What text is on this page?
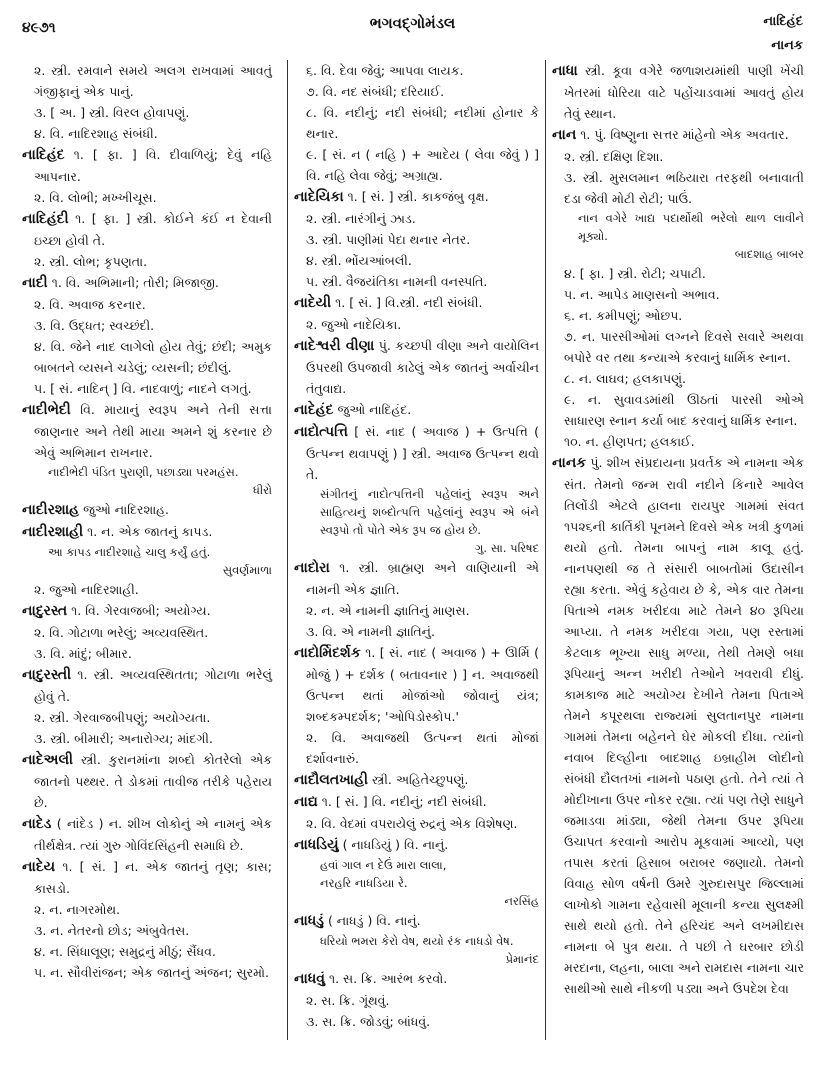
૪૯૭૧	ભગવદ્ગોમંડલ	નાદિહંદ
નાનક

૨. સ્ત્રી. રમવાને સમયે અલગ રાખવામાં આવતું ગંજીફાનું એક પાનું.

૩. [ અ. ] સ્ત્રી. વિરલ હોવાપણું.

૪. વિ. નાદિરશાહ સંબંધી.

નાદિહંદ ૧. [ ફા. ] વિ. દીવાળિયું; દેવું નહિ આપનાર.

૨. વિ. લોભી; મખ્ખીચૂસ.

નાદિહંદી ૧. [ ફા. ] સ્ત્રી. કોઈને કંઈ ન દેવાની ઇચ્છા હોવી તે.

૨. સ્ત્રી. લોભ; કૃપણતા.

નાદી ૧. વિ. અભિમાની; તોરી; મિજાજી.

૨. વિ. અવાજ કરનાર.

૩. વિ. ઉદ્ધત; સ્વચ્છંદી.

૪. વિ. જેને નાદ લાગેલો હોય તેવું; છંદી; અમુક બાબતને વ્યસને ચડેલું; વ્યસની; છંદીલું.

૫. [ સં. નાદિન્ ] વિ. નાદવાળું; નાદને લગતું.

નાદીભેદી વિ. માયાનું સ્વરૂપ અને તેની સત્તા જાણનાર અને તેથી માયા અમને શું કરનાર છે એવું અભિમાન રાખનાર.

નાદીભેદી પંડિત પુરાણી, પછાડ્યા પરમહંસ.

ધીરો

નાદીરશાહ જુઓ નાદિરશાહ.

નાદીરશાહી ૧. ન. એક જાતનું કાપડ.

આ કાપડ નાદીરશાહે ચાલુ કર્યું હતું.

સુવર્ણમાળા

૨. જુઓ નાદિરશાહી.

નાદુરસ્ત ૧. વિ. ગેરવાજબી; અયોગ્ય.

૨. વિ. ગોટાળા ભરેલું; અવ્યવસ્થિત.

૩. વિ. માંદું; બીમાર.

નાદુરસ્તી ૧. સ્ત્રી. અવ્યવસ્થિતતા; ગોટાળા ભરેલું હોવું તે.

૨. સ્ત્રી. ગેરવાજબીપણું; અયોગ્યતા.

૩. સ્ત્રી. બીમારી; અનારોગ્ય; માંદગી.

નાદેઅલી સ્ત્રી. કુરાનમાંના શબ્દો કોતરેલો એક જાતનો પથ્થર. તે ડોકમાં તાવીજ તરીકે પહેરાય છે.

નાદેડ ( નાંદેડ ) ન. શીખ લોકોનું એ નામનું એક તીર્થક્ષેત્ર. ત્યાં ગુરુ ગોવિંદસિંહની સમાધિ છે.

નાદેય ૧. [ સં. ] ન. એક જાતનું તૃણ; કાસ; કાસડો.

૨. ન. નાગરમોથ.

૩. ન. નેતરનો છોડ; અંબુવેતસ.

૪. ન. સિંધાલૂણ; સમુદ્રનું મીઠું; સૈંધવ.

૫. ન. સૌવીરાંજન; એક જાતનું અંજન; સુરમો.

૬. વિ. દેવા જેવું; આપવા લાયક.

૭. વિ. નદ સંબંધી; દરિયાઈ.

૮. વિ. નદીનું; નદી સંબંધી; નદીમાં હોનાર કે થનાર.

૯. [ સં. ન ( નહિ ) + આદેય ( લેવા જેવું ) ] વિ. નહિ લેવા જેવું; અગ્રાહ્ય.

નાદેયિકા ૧. [ સં. ] સ્ત્રી. કાકજંબુ વૃક્ષ.

૨. સ્ત્રી. નારંગીનું ઝાડ.

૩. સ્ત્રી. પાણીમાં પેદા થનાર નેતર.

૪. સ્ત્રી. ભોંયઆંબલી.

૫. સ્ત્રી. વૈજયંતિકા નામની વનસ્પતિ.

નાદેયી ૧. [ સં. ] વિ.સ્ત્રી. નદી સંબંધી.

૨. જુઓ નાદેયિકા.

નાદેશ્વરી વીણા પું. કચ્છપી વીણા અને વાયોલિન ઉપરથી ઉપજાવી કાઢેલું એક જાતનું અર્વાચીન તંતુવાદ્ય.

નાદેહંદ જુઓ નાદિહંદ.

નાદોત્પત્તિ [ સં. નાદ ( અવાજ ) + ઉત્પત્તિ ( ઉત્પન્ન થવાપણું ) ] સ્ત્રી. અવાજ ઉત્પન્ન થવો તે.

સંગીતનું નાદોત્પત્તિની પહેલાંનું સ્વરૂપ અને સાહિત્યનું શબ્દોત્પત્તિ પહેલાંનું સ્વરૂપ એ બંને સ્વરૂપો તો પોતે એક રૂપ જ હોય છે.

ગુ. સા. પરિષદ

નાદોરા ૧. સ્ત્રી. બ્રાહ્મણ અને વાણિયાની એ નામની એક જ્ઞાતિ.

૨. ન. એ નામની જ્ઞાતિનું માણસ.

૩. વિ. એ નામની જ્ઞાતિનું.

નાદોર્મિદર્શક ૧. [ સં. નાદ ( અવાજ ) + ઊર્મિ ( મોજું ) + દર્શક ( બતાવનાર ) ] ન. અવાજથી ઉત્પન્ન થતાં મોજાંઓ જોવાનું યંત્ર; શબ્દકમ્પદર્શક; 'ઓપિડોસ્કોપ.'

૨. વિ. અવાજથી ઉત્પન્ન થતાં મોજાં દર્શાવનારું.

નાદૌલતખાહી સ્ત્રી. અહિતેચ્છુપણું.

નાદ્ય ૧. [ સં. ] વિ. નદીનું; નદી સંબંધી.

૨. વિ. વેદમાં વપરાયેલું રુદ્રનું એક વિશેષણ.

નાધડિયું ( નાધડિયું ) વિ. નાનું.

હવાં ગાલ ન દેઉં મારા લાલા,

નરહરિ નાધડિયા રે.

નરસિંહ

નાધડું ( નાધડું ) વિ. નાનું.

ધરિયો ભમરા કેરો વેષ, થયો રંક નાધડો વેષ.

પ્રેમાનંદ

નાધવું ૧. સ. ક્રિ. આરંભ કરવો.

૨. સ. ક્રિ. ગૂંથવું.

૩. સ. ક્રિ. જોડવું; બાંધવું.

નાધા સ્ત્રી. કૂવા વગેરે જળાશયમાંથી પાણી ખેંચી ખેતરમાં ધોરિયા વાટે પહોંચાડવામાં આવતું હોય તેવું સ્થાન.

નાન ૧. પું. વિષ્ણુના સત્તર માંહેનો એક અવતાર.

૨. સ્ત્રી. દક્ષિણ દિશા.

૩. સ્ત્રી. મુસલમાન ભઠિયારા તરફથી બનાવાતી દડા જેવી મોટી રોટી; પાઉં.

નાન વગેરે ખાદ્ય પદાર્થોથી ભરેલો થાળ લાવીને મૂક્યો.

બાદશાહ બાબર

૪. [ ફા. ] સ્ત્રી. રોટી; ચપાટી.

૫. ન. આપેડ માણસનો અભાવ.

૬. ન. કમીપણું; ઓછપ.

૭. ન. પારસીઓમાં લગ્નને દિવસે સવારે અથવા બપોરે વર તથા કન્યાએ કરવાનું ધાર્મિક સ્નાન.

૮. ન. લાઘવ; હલકાપણું.

૯. ન. સુવાવડમાંથી ઊઠતાં પારસી ઓએ સાધારણ સ્નાન કર્યા બાદ કરવાનું ધાર્મિક સ્નાન.

૧૦. ન. હીણપત; હલકાઈ.

નાનક પું. શીખ સંપ્રદાયના પ્રવર્તક એ નામના એક સંત. તેમનો જન્મ રાવી નદીને કિનારે આવેલ તિલોંડી એટલે હાલના રાયપુર ગામમાં સંવત ૧૫૨૬ની કાર્તિકી પૂનમને દિવસે એક ખત્રી કુળમાં થયો હતો. તેમના બાપનું નામ કાલૂ હતું. નાનપણથી જ તે સંસારી બાબતોમાં ઉદાસીન રહ્યા કરતા. એવું કહેવાય છે કે, એક વાર તેમના પિતાએ નમક ખરીદવા માટે તેમને ૪૦ રૂપિયા આપ્યા. તે નમક ખરીદવા ગયા, પણ રસ્તામાં કેટલાક ભૂખ્યા સાધુ મળ્યા, તેથી તેમણે બધા રૂપિયાનું અન્ન ખરીદી તેઓને ખવરાવી દીધું. કામકાજ માટે અયોગ્ય દેખીને તેમના પિતાએ તેમને કપૂરથલા રાજ્યમાં સુલતાનપુર નામના ગામમાં તેમના બહેનને ઘેર મોકલી દીધા. ત્યાંનો નવાબ દિલ્હીના બાદશાહ ઇબ્રાહીમ લોદીનો સંબંધી દૌલતખાં નામનો પઠાણ હતો. તેને ત્યાં તે મોદીખાના ઉપર નોકર રહ્યા. ત્યાં પણ તેણે સાધુને જમાડવા માંડ્યા, જેથી તેમના ઉપર રૂપિયા ઉચાપત કરવાનો આરોપ મૂકવામાં આવ્યો, પણ તપાસ કરતાં હિસાબ બરાબર જણાયો. તેમનો વિવાહ સોળ વર્ષની ઉમરે ગુરુદાસપુર જિલ્લામાં લાખોકો ગામના રહેવાસી મૂલાની કન્યા સુલક્ષ્મી સાથે થયો હતો. તેને હરિચંદ અને લખમીદાસ નામના બે પુત્ર થયા. તે પછી તે ઘરબાર છોડી મરદાના, લહના, બાલા અને રામદાસ નામના ચાર સાથીઓ સાથે નીકળી પડ્યા અને ઉપદેશ દેવા
